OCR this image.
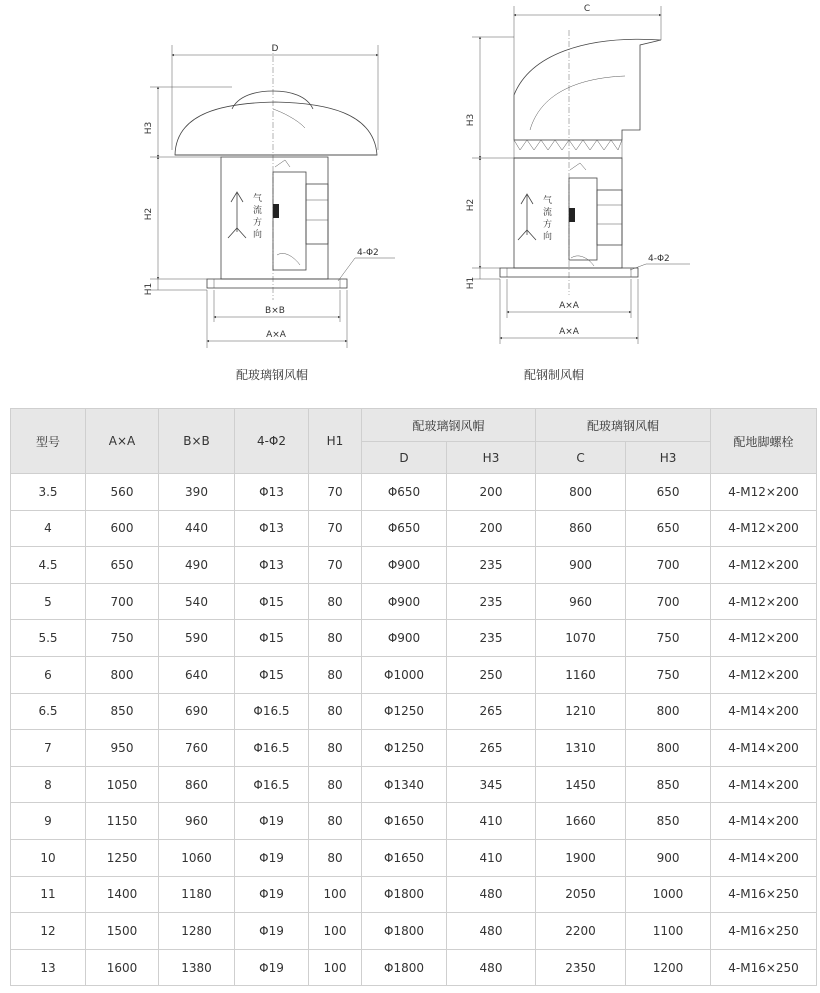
D
气
流
方
向
H3
H2
H1
4-Φ2
B×B
A×A
C
气
流
方
向
H3
H2
H1
4-Φ2
A×A
A×A
配玻璃钢风帽	配钢制风帽
型号	A×A	B×B	4-Φ2	H1	配玻璃钢风帽		配玻璃钢风帽		配地脚螺栓
					D	H3	C	H3	
3.5	560	390	Φ13	70	Φ650	200	800	650	4-M12×200
4	600	440	Φ13	70	Φ650	200	860	650	4-M12×200
4.5	650	490	Φ13	70	Φ900	235	900	700	4-M12×200
5	700	540	Φ15	80	Φ900	235	960	700	4-M12×200
5.5	750	590	Φ15	80	Φ900	235	1070	750	4-M12×200
6	800	640	Φ15	80	Φ1000	250	1160	750	4-M12×200
6.5	850	690	Φ16.5	80	Φ1250	265	1210	800	4-M14×200
7	950	760	Φ16.5	80	Φ1250	265	1310	800	4-M14×200
8	1050	860	Φ16.5	80	Φ1340	345	1450	850	4-M14×200
9	1150	960	Φ19	80	Φ1650	410	1660	850	4-M14×200
10	1250	1060	Φ19	80	Φ1650	410	1900	900	4-M14×200
11	1400	1180	Φ19	100	Φ1800	480	2050	1000	4-M16×250
12	1500	1280	Φ19	100	Φ1800	480	2200	1100	4-M16×250
13	1600	1380	Φ19	100	Φ1800	480	2350	1200	4-M16×250
